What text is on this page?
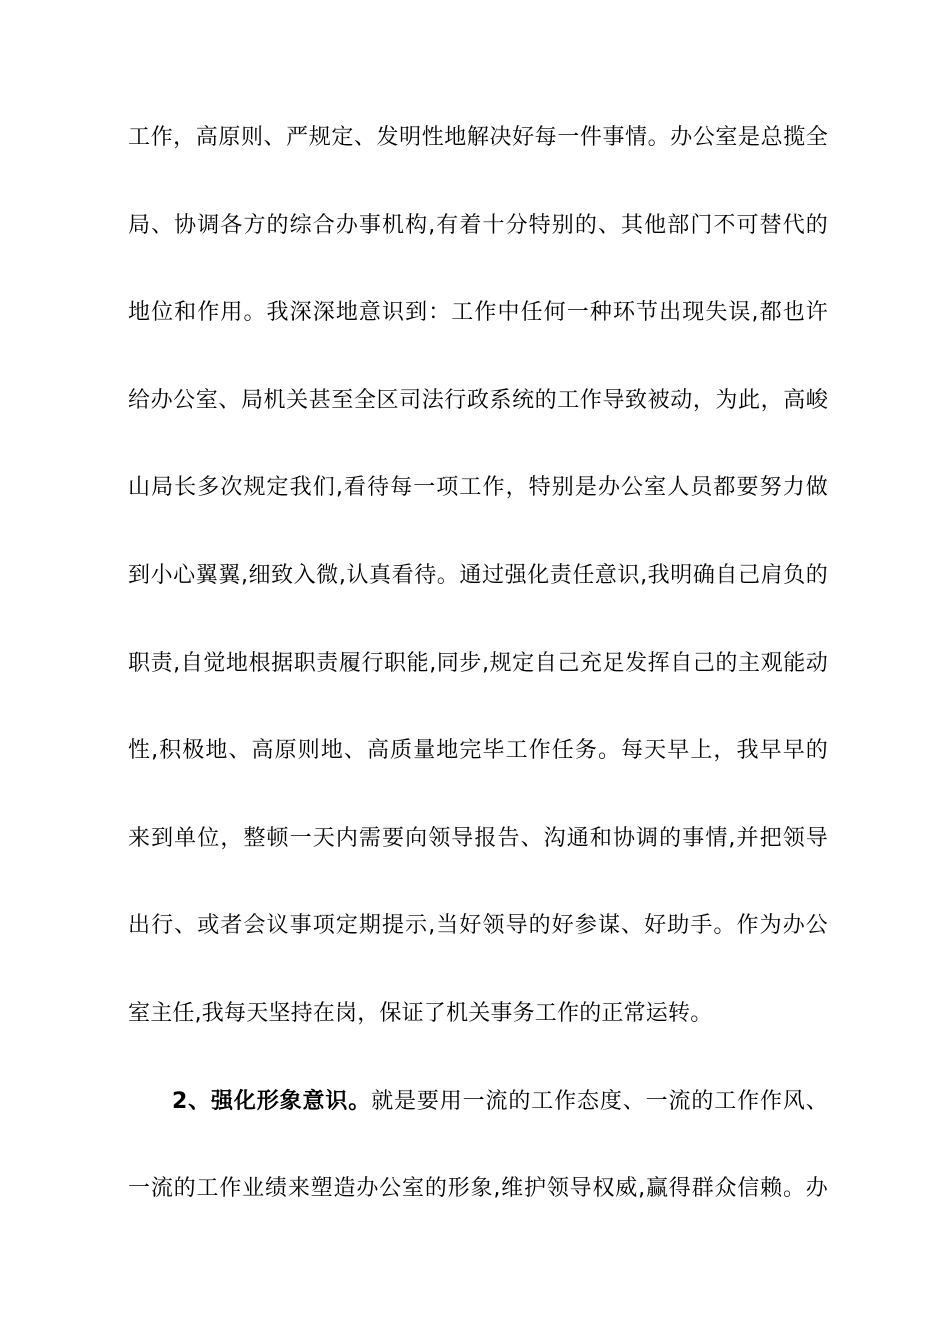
工作，高原则、严规定、发明性地解决好每一件事情。办公室是总揽全
局、协调各方的综合办事机构,有着十分特别的、其他部门不可替代的
地位和作用。我深深地意识到：工作中任何一种环节出现失误,都也许
给办公室、局机关甚至全区司法行政系统的工作导致被动，为此，高峻
山局长多次规定我们,看待每一项工作，特别是办公室人员都要努力做
到小心翼翼,细致入微,认真看待。通过强化责任意识,我明确自己肩负的
职责,自觉地根据职责履行职能,同步,规定自己充足发挥自己的主观能动
性,积极地、高原则地、高质量地完毕工作任务。每天早上，我早早的
来到单位，整顿一天内需要向领导报告、沟通和协调的事情,并把领导
出行、或者会议事项定期提示,当好领导的好参谋、好助手。作为办公
室主任,我每天坚持在岗，保证了机关事务工作的正常运转。
2、强化形象意识。就是要用一流的工作态度、一流的工作作风、
一流的工作业绩来塑造办公室的形象,维护领导权威,赢得群众信赖。办
